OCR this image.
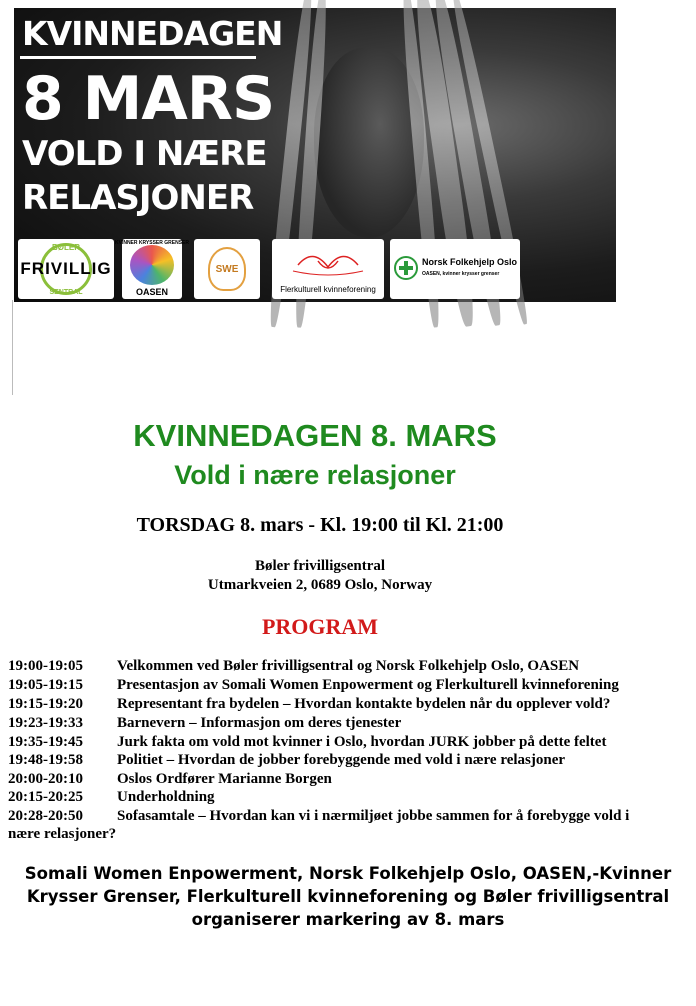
KVINNEDAGEN
8 MARS
VOLD I NÆRE
RELASJONER
BØLER
FRIVILLIG
SENTRAL
KVINNER KRYSSER GRENSER
OASEN
SWE
Flerkulturell kvinneforening
Norsk Folkehjelp Oslo
OASEN, kvinner krysser grenser
KVINNEDAGEN 8. MARS
Vold i nære relasjoner
TORSDAG 8. mars - Kl. 19:00 til Kl. 21:00
Bøler frivilligsentral
Utmarkveien 2, 0689 Oslo, Norway
PROGRAM
19:00-19:05 Velkommen ved Bøler frivilligsentral og Norsk Folkehjelp Oslo, OASEN
19:05-19:15 Presentasjon av Somali Women Enpowerment og Flerkulturell kvinneforening
19:15-19:20 Representant fra bydelen – Hvordan kontakte bydelen når du opplever vold?
19:23-19:33 Barnevern – Informasjon om deres tjenester
19:35-19:45 Jurk fakta om vold mot kvinner i Oslo, hvordan JURK jobber på dette feltet
19:48-19:58 Politiet – Hvordan de jobber forebyggende med vold i nære relasjoner
20:00-20:10 Oslos Ordfører Marianne Borgen
20:15-20:25 Underholdning
20:28-20:50 Sofasamtale – Hvordan kan vi i nærmiljøet jobbe sammen for å forebygge vold i
nære relasjoner?
Somali Women Enpowerment, Norsk Folkehjelp Oslo, OASEN,-Kvinner
Krysser Grenser, Flerkulturell kvinneforening og Bøler frivilligsentral
organiserer markering av 8. mars
